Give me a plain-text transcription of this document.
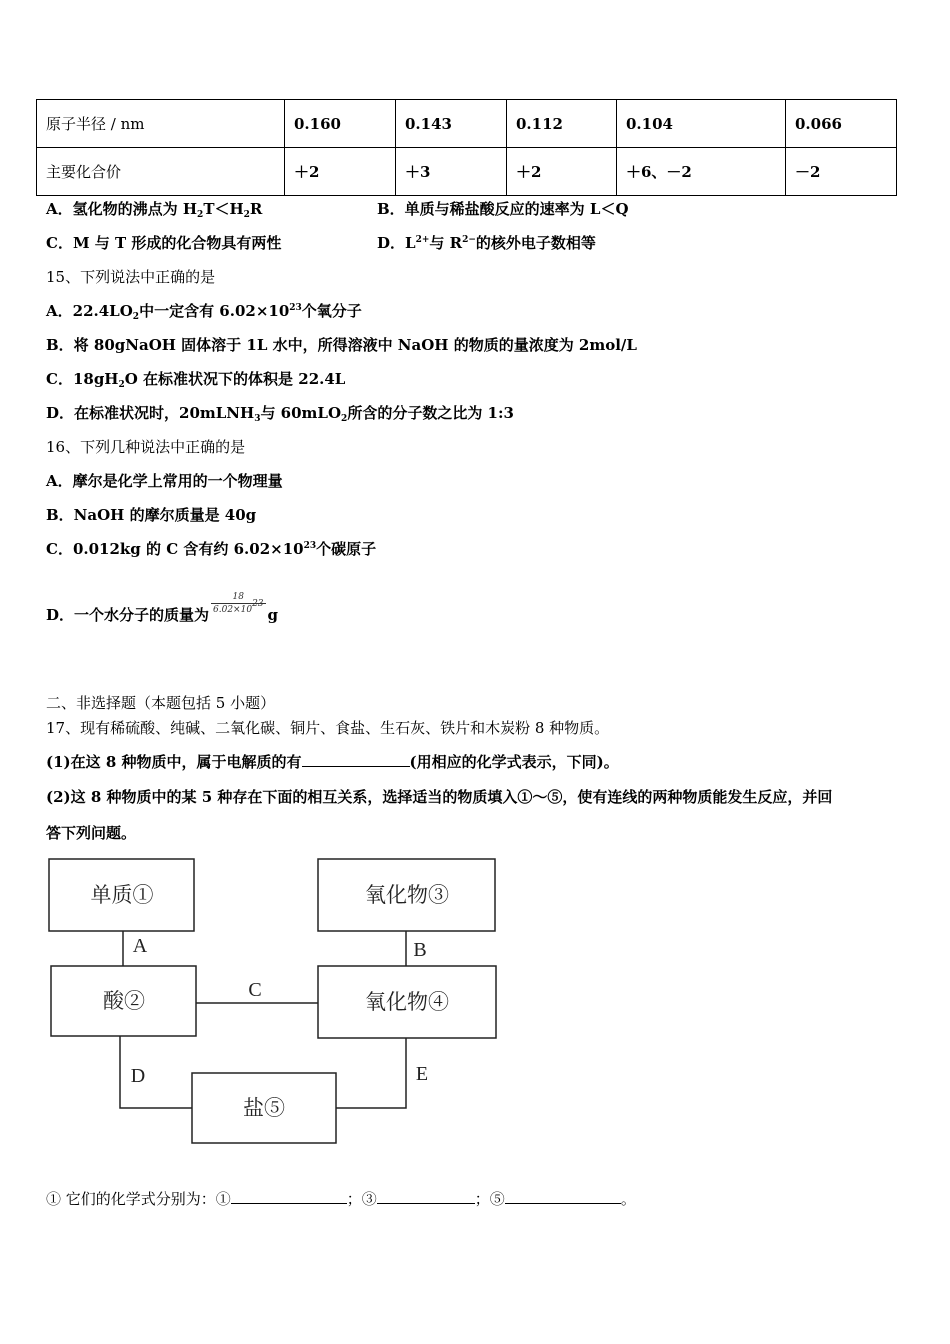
原子半径 / nm	0.160	0.143	0.112	0.104	0.066
主要化合价	＋2	＋3	＋2	＋6、－2	－2
A．氢化物的沸点为 $H_2T<H_2R$	B．单质与稀盐酸反应的速率为 L＜Q
C．M 与 T 形成的化合物具有两性	D．$L^{2+}$与 $R^{2-}$的核外电子数相等
15、下列说法中正确的是
A．$22.4LO_2$中一定含有 $6.02\times 10^{23}$个氧分子
B．将 80gNaOH 固体溶于 1L 水中，所得溶液中 NaOH 的物质的量浓度为 2mol/L
C．$18gH_2O$ 在标准状况下的体积是 22.4L
D．在标准状况时，20mLNH$_3$与 60mLO$_2$所含的分子数之比为 1:3
16、下列几种说法中正确的是
A．摩尔是化学上常用的一个物理量
B．NaOH 的摩尔质量是 40g
C．0.012kg 的 C 含有约 $6.02\times 10^{23}$个碳原子
D．一个水分子的质量为 $\frac{18}{6.02\times 10^{23}}$ g
二、非选择题（本题包括 5 小题）
17、现有稀硫酸、纯碱、二氧化碳、铜片、食盐、生石灰、铁片和木炭粉 8 种物质。
(1)在这 8 种物质中，属于电解质的有	(用相应的化学式表示，下同)。
(2)这 8 种物质中的某 5 种存在下面的相互关系，选择适当的物质填入①～⑤，使有连线的两种物质能发生反应，并回
答下列问题。
单质①
酸②
氧化物③
氧化物④
盐⑤
A	B
C
D	E
① 它们的化学式分别为：①	；③	；⑤	。
